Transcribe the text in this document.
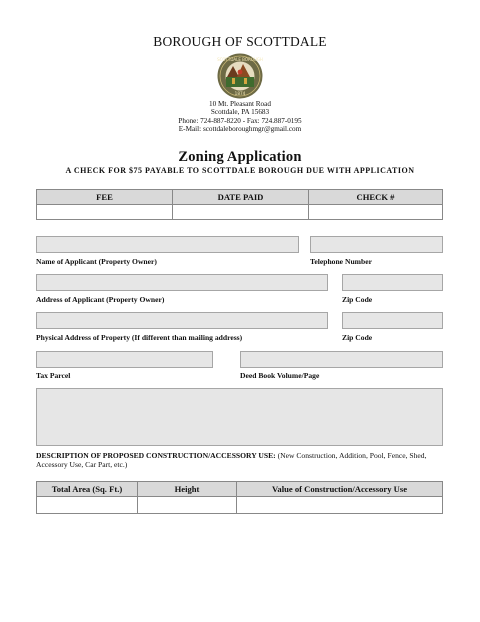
BOROUGH OF SCOTTDALE
SCOTTDALE BOROUGH
1874
10 Mt. Pleasant Road
Scottdale, PA 15683
Phone: 724-887-8220 - Fax: 724.887-0195
E-Mail: scottdaleboroughmgr@gmail.com
Zoning Application
A CHECK FOR $75 PAYABLE TO SCOTTDALE BOROUGH DUE WITH APPLICATION
FEE	DATE PAID	CHECK #

Name of Applicant (Property Owner)	Telephone Number
Address of Applicant (Property Owner)	Zip Code
Physical Address of Property (If different than mailing address)	Zip Code
Tax Parcel	Deed Book Volume/Page
DESCRIPTION OF PROPOSED CONSTRUCTION/ACCESSORY USE: (New Construction, Addition, Pool, Fence, Shed, Accessory Use, Car Part, etc.)
Total Area (Sq. Ft.)	Height	Value of Construction/Accessory Use
